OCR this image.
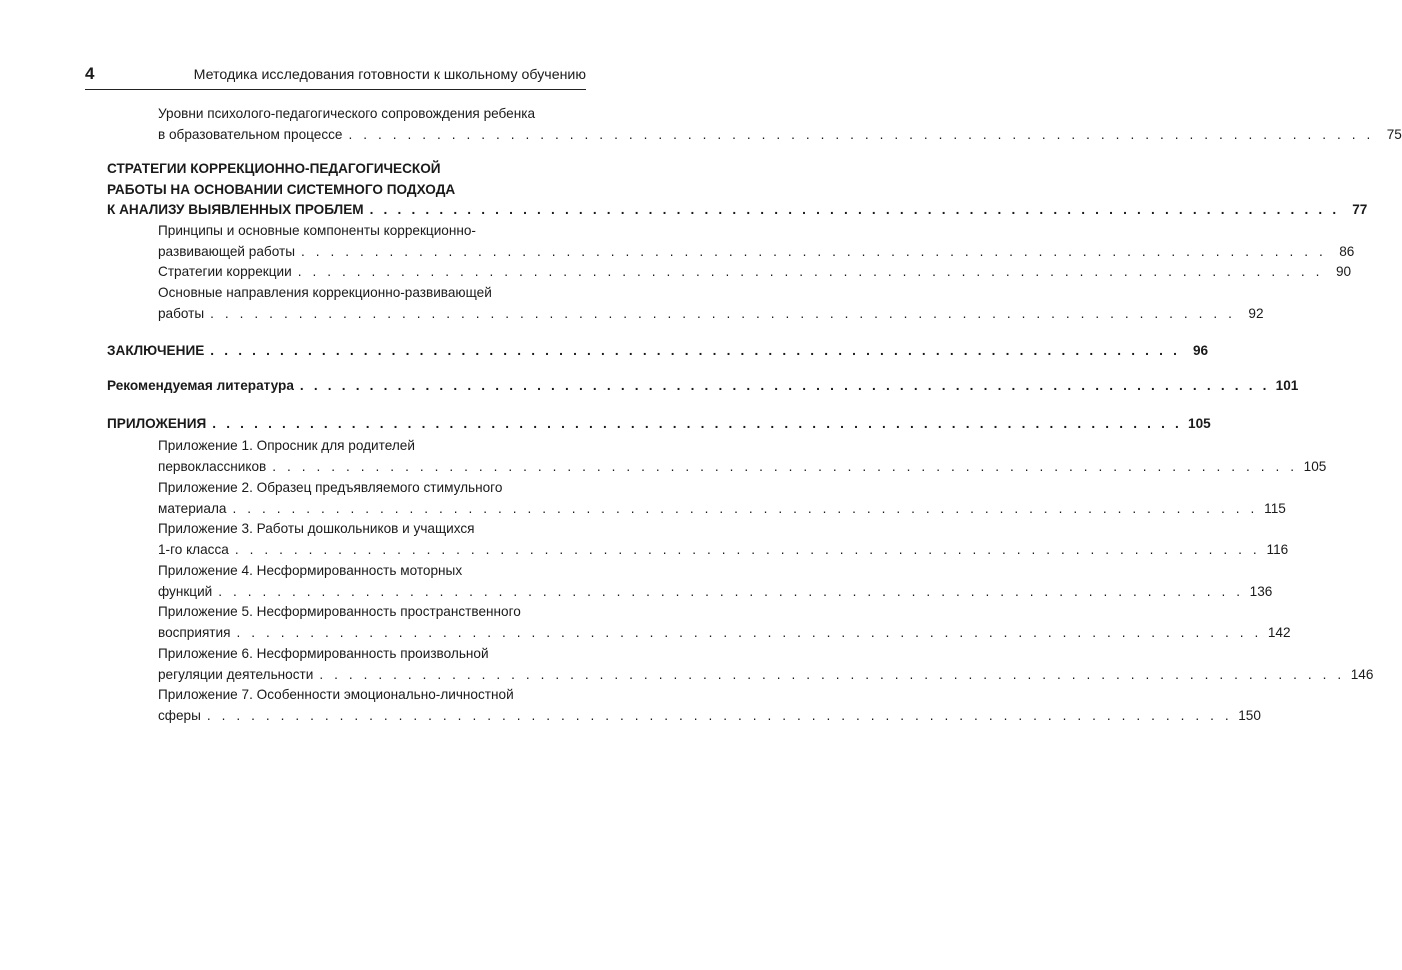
4	Методика исследования готовности к школьному обучению
Уровни психолого-педагогического сопровождения ребенка
в образовательном процессе . . . . . . . . . . . . . . . . . . . . . . . . . . . . . . . . . . . . . . . . . . . . . . . . . . . . . . . . . . . . . . . . . . . . . . 75
СТРАТЕГИИ КОРРЕКЦИОННО-ПЕДАГОГИЧЕСКОЙ
РАБОТЫ НА ОСНОВАНИИ СИСТЕМНОГО ПОДХОДА
К АНАЛИЗУ ВЫЯВЛЕННЫХ ПРОБЛЕМ . . . . . . . . . . . . . . . . . . . . . . . . . . . . . . . . . . . . . . . . . . . . . . . . . . . . . . . . . . . . . . . . . . . . . . 77
Принципы и основные компоненты коррекционно-
развивающей работы . . . . . . . . . . . . . . . . . . . . . . . . . . . . . . . . . . . . . . . . . . . . . . . . . . . . . . . . . . . . . . . . . . . . . . 86
Стратегии коррекции . . . . . . . . . . . . . . . . . . . . . . . . . . . . . . . . . . . . . . . . . . . . . . . . . . . . . . . . . . . . . . . . . . . . . . 90
Основные направления коррекционно-развивающей
работы . . . . . . . . . . . . . . . . . . . . . . . . . . . . . . . . . . . . . . . . . . . . . . . . . . . . . . . . . . . . . . . . . . . . . . 92
ЗАКЛЮЧЕНИЕ . . . . . . . . . . . . . . . . . . . . . . . . . . . . . . . . . . . . . . . . . . . . . . . . . . . . . . . . . . . . . . . . . . . . . . 96
Рекомендуемая литература . . . . . . . . . . . . . . . . . . . . . . . . . . . . . . . . . . . . . . . . . . . . . . . . . . . . . . . . . . . . . . . . . . . . . . 101
ПРИЛОЖЕНИЯ . . . . . . . . . . . . . . . . . . . . . . . . . . . . . . . . . . . . . . . . . . . . . . . . . . . . . . . . . . . . . . . . . . . . . . 105
Приложение 1. Опросник для родителей
первоклассников . . . . . . . . . . . . . . . . . . . . . . . . . . . . . . . . . . . . . . . . . . . . . . . . . . . . . . . . . . . . . . . . . . . . . . 105
Приложение 2. Образец предъявляемого стимульного
материала . . . . . . . . . . . . . . . . . . . . . . . . . . . . . . . . . . . . . . . . . . . . . . . . . . . . . . . . . . . . . . . . . . . . . . 115
Приложение 3. Работы дошкольников и учащихся
1-го класса . . . . . . . . . . . . . . . . . . . . . . . . . . . . . . . . . . . . . . . . . . . . . . . . . . . . . . . . . . . . . . . . . . . . . . 116
Приложение 4. Несформированность моторных
функций . . . . . . . . . . . . . . . . . . . . . . . . . . . . . . . . . . . . . . . . . . . . . . . . . . . . . . . . . . . . . . . . . . . . . . 136
Приложение 5. Несформированность пространственного
восприятия . . . . . . . . . . . . . . . . . . . . . . . . . . . . . . . . . . . . . . . . . . . . . . . . . . . . . . . . . . . . . . . . . . . . . . 142
Приложение 6. Несформированность произвольной
регуляции деятельности . . . . . . . . . . . . . . . . . . . . . . . . . . . . . . . . . . . . . . . . . . . . . . . . . . . . . . . . . . . . . . . . . . . . . . 146
Приложение 7. Особенности эмоционально-личностной
сферы . . . . . . . . . . . . . . . . . . . . . . . . . . . . . . . . . . . . . . . . . . . . . . . . . . . . . . . . . . . . . . . . . . . . . . 150
